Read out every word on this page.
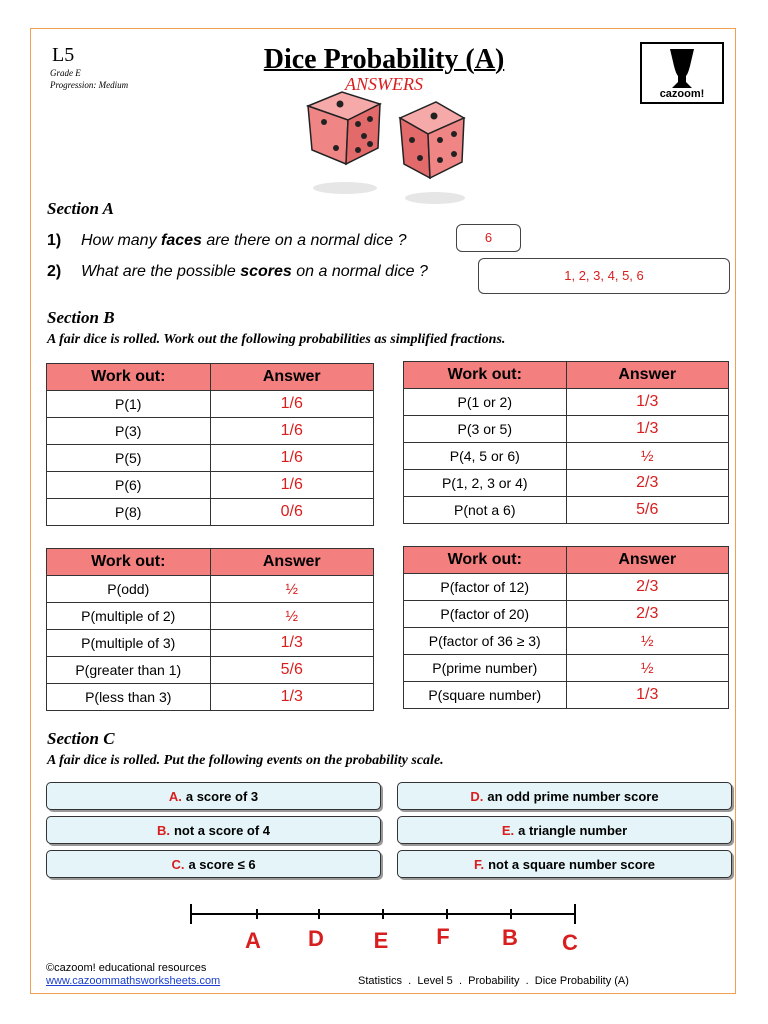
L5
Grade E
Progression: Medium
Dice Probability (A)
ANSWERS	cazoom!
Section A
1) How many faces are there on a normal dice ?	6
2) What are the possible scores on a normal dice ?	1, 2, 3, 4, 5, 6
Section B
A fair dice is rolled. Work out the following probabilities as simplified fractions.
Work out:	Answer
P(1)	1/6
P(3)	1/6
P(5)	1/6
P(6)	1/6
P(8)	0/6
Work out:	Answer
P(1 or 2)	1/3
P(3 or 5)	1/3
P(4, 5 or 6)	½
P(1, 2, 3 or 4)	2/3
P(not a 6)	5/6
Work out:	Answer
P(odd)	½
P(multiple of 2)	½
P(multiple of 3)	1/3
P(greater than 1)	5/6
P(less than 3)	1/3
Work out:	Answer
P(factor of 12)	2/3
P(factor of 20)	2/3
P(factor of 36 ≥ 3)	½
P(prime number)	½
P(square number)	1/3
Section C
A fair dice is rolled. Put the following events on the probability scale.
A. a score of 3
B. not a score of 4
C. a score ≤ 6
D. an odd prime number score
E. a triangle number
F. not a square number score
A	D	E	F	B	C
©cazoom! educational resources
www.cazoommathsworksheets.com	Statistics . Level 5 . Probability . Dice Probability (A)
